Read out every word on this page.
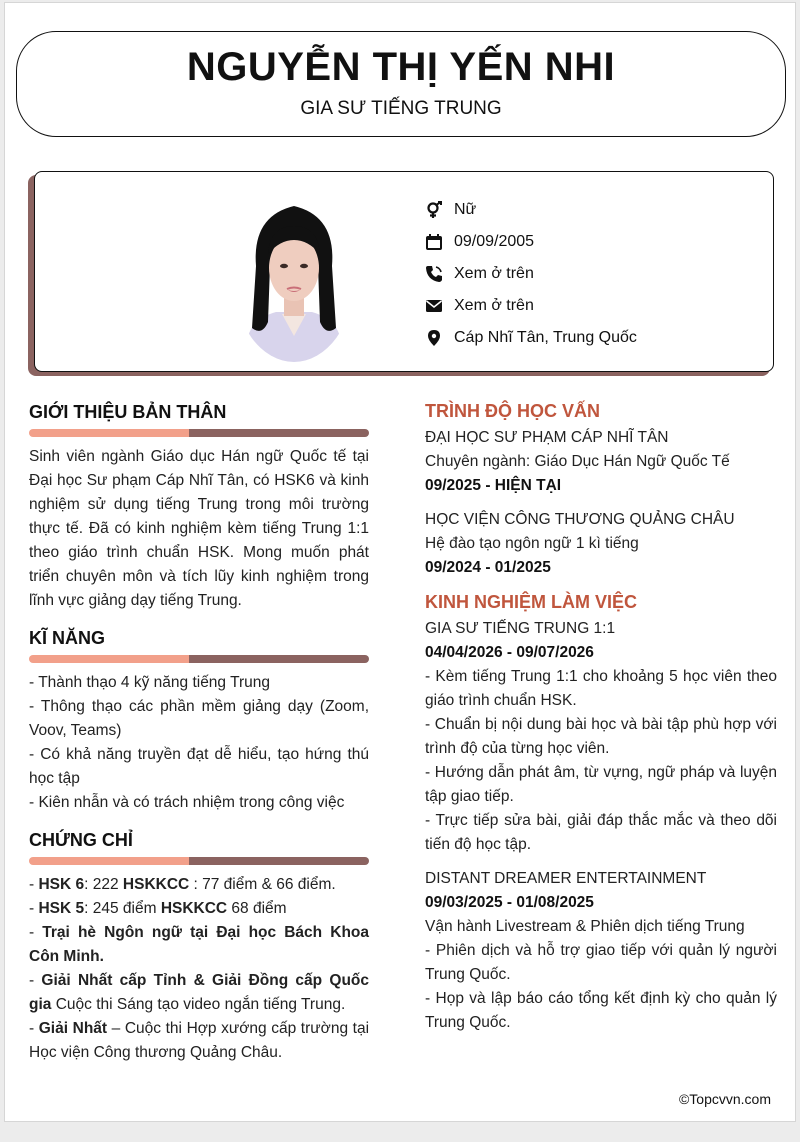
NGUYỄN THỊ YẾN NHI
GIA SƯ TIẾNG TRUNG
Nữ
09/09/2005
Xem ở trên
Xem ở trên
Cáp Nhĩ Tân, Trung Quốc
GIỚI THIỆU BẢN THÂN
Sinh viên ngành Giáo dục Hán ngữ Quốc tế tại Đại học Sư phạm Cáp Nhĩ Tân, có HSK6 và kinh nghiệm sử dụng tiếng Trung trong môi trường thực tế. Đã có kinh nghiệm kèm tiếng Trung 1:1 theo giáo trình chuẩn HSK. Mong muốn phát triển chuyên môn và tích lũy kinh nghiệm trong lĩnh vực giảng dạy tiếng Trung.
KĨ NĂNG
- Thành thạo 4 kỹ năng tiếng Trung
- Thông thạo các phần mềm giảng dạy (Zoom, Voov, Teams)
- Có khả năng truyền đạt dễ hiểu, tạo hứng thú học tập
- Kiên nhẫn và có trách nhiệm trong công việc
CHỨNG CHỈ
- HSK 6: 222 HSKKCC : 77 điểm & 66 điểm.
- HSK 5: 245 điểm HSKKCC 68 điểm
- Trại hè Ngôn ngữ tại Đại học Bách Khoa Côn Minh.
- Giải Nhất cấp Tỉnh & Giải Đồng cấp Quốc gia Cuộc thi Sáng tạo video ngắn tiếng Trung.
- Giải Nhất – Cuộc thi Hợp xướng cấp trường tại Học viện Công thương Quảng Châu.
TRÌNH ĐỘ HỌC VẤN
ĐẠI HỌC SƯ PHẠM CÁP NHĨ TÂN
Chuyên ngành: Giáo Dục Hán Ngữ Quốc Tế
09/2025 - HIỆN TẠI
HỌC VIỆN CÔNG THƯƠNG QUẢNG CHÂU
Hệ đào tạo ngôn ngữ 1 kì tiếng
09/2024 - 01/2025
KINH NGHIỆM LÀM VIỆC
GIA SƯ TIẾNG TRUNG 1:1
04/04/2026 - 09/07/2026
- Kèm tiếng Trung 1:1 cho khoảng 5 học viên theo giáo trình chuẩn HSK.
- Chuẩn bị nội dung bài học và bài tập phù hợp với trình độ của từng học viên.
- Hướng dẫn phát âm, từ vựng, ngữ pháp và luyện tập giao tiếp.
- Trực tiếp sửa bài, giải đáp thắc mắc và theo dõi tiến độ học tập.
DISTANT DREAMER ENTERTAINMENT
09/03/2025 - 01/08/2025
Vận hành Livestream & Phiên dịch tiếng Trung
- Phiên dịch và hỗ trợ giao tiếp với quản lý người Trung Quốc.
- Họp và lập báo cáo tổng kết định kỳ cho quản lý Trung Quốc.
©Topcvvn.com
